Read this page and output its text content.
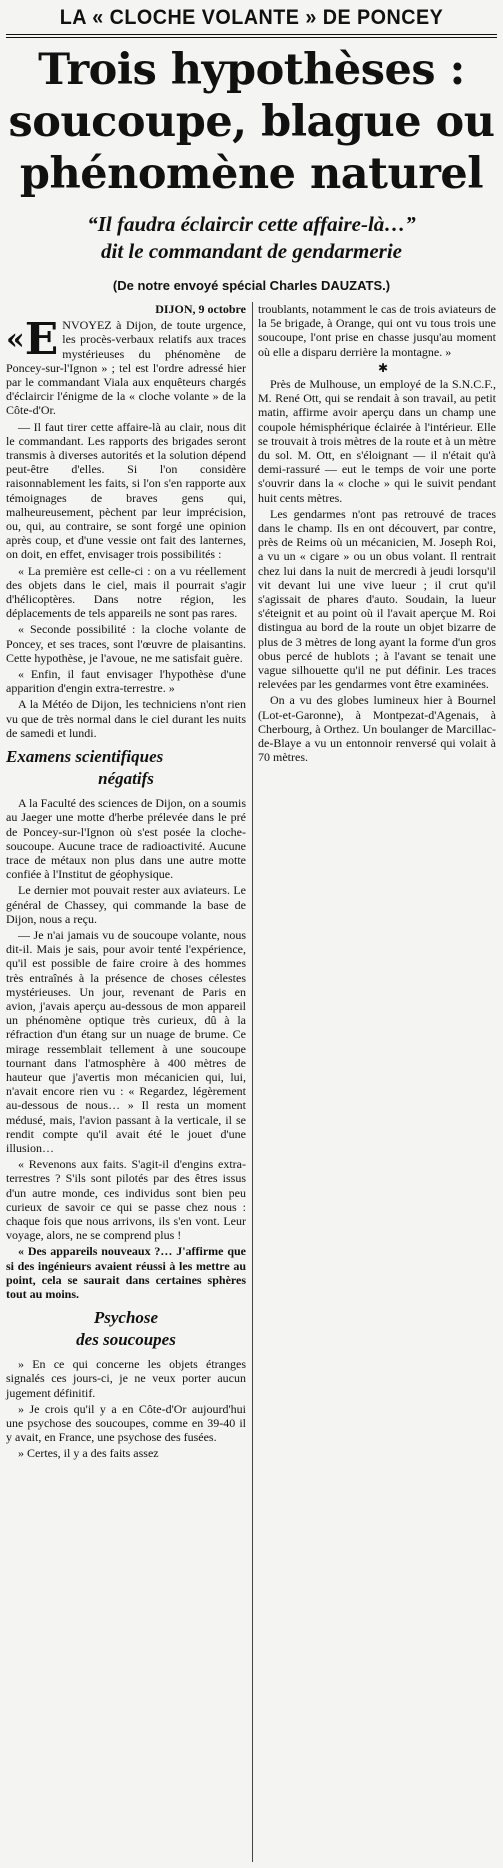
LA « CLOCHE VOLANTE » DE PONCEY
Trois hypothèses :
soucoupe, blague ou
phénomène naturel
“Il faudra éclaircir cette affaire-là…”
dit le commandant de gendarmerie
(De notre envoyé spécial Charles DAUZATS.)

DIJON, 9 octobre

«E NVOYEZ à Dijon, de toute urgence, les procès-verbaux relatifs aux traces mystérieuses du phénomène de Poncey-sur-l'Ignon » ; tel est l'ordre adressé hier par le commandant Viala aux enquêteurs chargés d'éclaircir l'énigme de la « cloche volante » de la Côte-d'Or.

— Il faut tirer cette affaire-là au clair, nous dit le commandant. Les rapports des brigades seront transmis à diverses autorités et la solution dépend peut-être d'elles. Si l'on considère raisonnablement les faits, si l'on s'en rapporte aux témoignages de braves gens qui, malheureusement, pèchent par leur imprécision, ou, qui, au contraire, se sont forgé une opinion après coup, et d'une vessie ont fait des lanternes, on doit, en effet, envisager trois possibilités :

« La première est celle-ci : on a vu réellement des objets dans le ciel, mais il pourrait s'agir d'hélicoptères. Dans notre région, les déplacements de tels appareils ne sont pas rares.

« Seconde possibilité : la cloche volante de Poncey, et ses traces, sont l'œuvre de plaisantins. Cette hypothèse, je l'avoue, ne me satisfait guère.

« Enfin, il faut envisager l'hypothèse d'une apparition d'engin extra-terrestre. »

A la Météo de Dijon, les techniciens n'ont rien vu que de très normal dans le ciel durant les nuits de samedi et lundi.

Examens scientifiques
négatifs

A la Faculté des sciences de Dijon, on a soumis au Jaeger une motte d'herbe prélevée dans le pré de Poncey-sur-l'Ignon où s'est posée la cloche-soucoupe. Aucune trace de radioactivité. Aucune trace de métaux non plus dans une autre motte confiée à l'Institut de géophysique.

Le dernier mot pouvait rester aux aviateurs. Le général de Chassey, qui commande la base de Dijon, nous a reçu.

— Je n'ai jamais vu de soucoupe volante, nous dit-il. Mais je sais, pour avoir tenté l'expérience, qu'il est possible de faire croire à des hommes très entraînés à la présence de choses célestes mystérieuses. Un jour, revenant de Paris en avion, j'avais aperçu au-dessous de mon appareil un phénomène optique très curieux, dû à la réfraction d'un étang sur un nuage de brume. Ce mirage ressemblait tellement à une soucoupe tournant dans l'atmosphère à 400 mètres de hauteur que j'avertis mon mécanicien qui, lui, n'avait encore rien vu : « Regardez, légèrement au-dessous de nous… » Il resta un moment médusé, mais, l'avion passant à la verticale, il se rendit compte qu'il avait été le jouet d'une illusion…

« Revenons aux faits. S'agit-il d'engins extra-terrestres ? S'ils sont pilotés par des êtres issus d'un autre monde, ces individus sont bien peu curieux de savoir ce qui se passe chez nous : chaque fois que nous arrivons, ils s'en vont. Leur voyage, alors, ne se comprend plus !

« Des appareils nouveaux ?… J'affirme que si des ingénieurs avaient réussi à les mettre au point, cela se saurait dans certaines sphères tout au moins.

Psychose
des soucoupes

» En ce qui concerne les objets étranges signalés ces jours-ci, je ne veux porter aucun jugement définitif.

» Je crois qu'il y a en Côte-d'Or aujourd'hui une psychose des soucoupes, comme en 39-40 il y avait, en France, une psychose des fusées.

» Certes, il y a des faits assez

troublants, notamment le cas de trois aviateurs de la 5e brigade, à Orange, qui ont vu tous trois une soucoupe, l'ont prise en chasse jusqu'au moment où elle a disparu derrière la montagne. »

✱

Près de Mulhouse, un employé de la S.N.C.F., M. René Ott, qui se rendait à son travail, au petit matin, affirme avoir aperçu dans un champ une coupole hémisphérique éclairée à l'intérieur. Elle se trouvait à trois mètres de la route et à un mètre du sol. M. Ott, en s'éloignant — il n'était qu'à demi-rassuré — eut le temps de voir une porte s'ouvrir dans la « cloche » qui le suivit pendant huit cents mètres.

Les gendarmes n'ont pas retrouvé de traces dans le champ. Ils en ont découvert, par contre, près de Reims où un mécanicien, M. Joseph Roi, a vu un « cigare » ou un obus volant. Il rentrait chez lui dans la nuit de mercredi à jeudi lorsqu'il vit devant lui une vive lueur ; il crut qu'il s'agissait de phares d'auto. Soudain, la lueur s'éteignit et au point où il l'avait aperçue M. Roi distingua au bord de la route un objet bizarre de plus de 3 mètres de long ayant la forme d'un gros obus percé de hublots ; à l'avant se tenait une vague silhouette qu'il ne put définir. Les traces relevées par les gendarmes vont être examinées.

On a vu des globes lumineux hier à Bournel (Lot-et-Garonne), à Montpezat-d'Agenais, à Cherbourg, à Orthez. Un boulanger de Marcillac-de-Blaye a vu un entonnoir renversé qui volait à 70 mètres.
